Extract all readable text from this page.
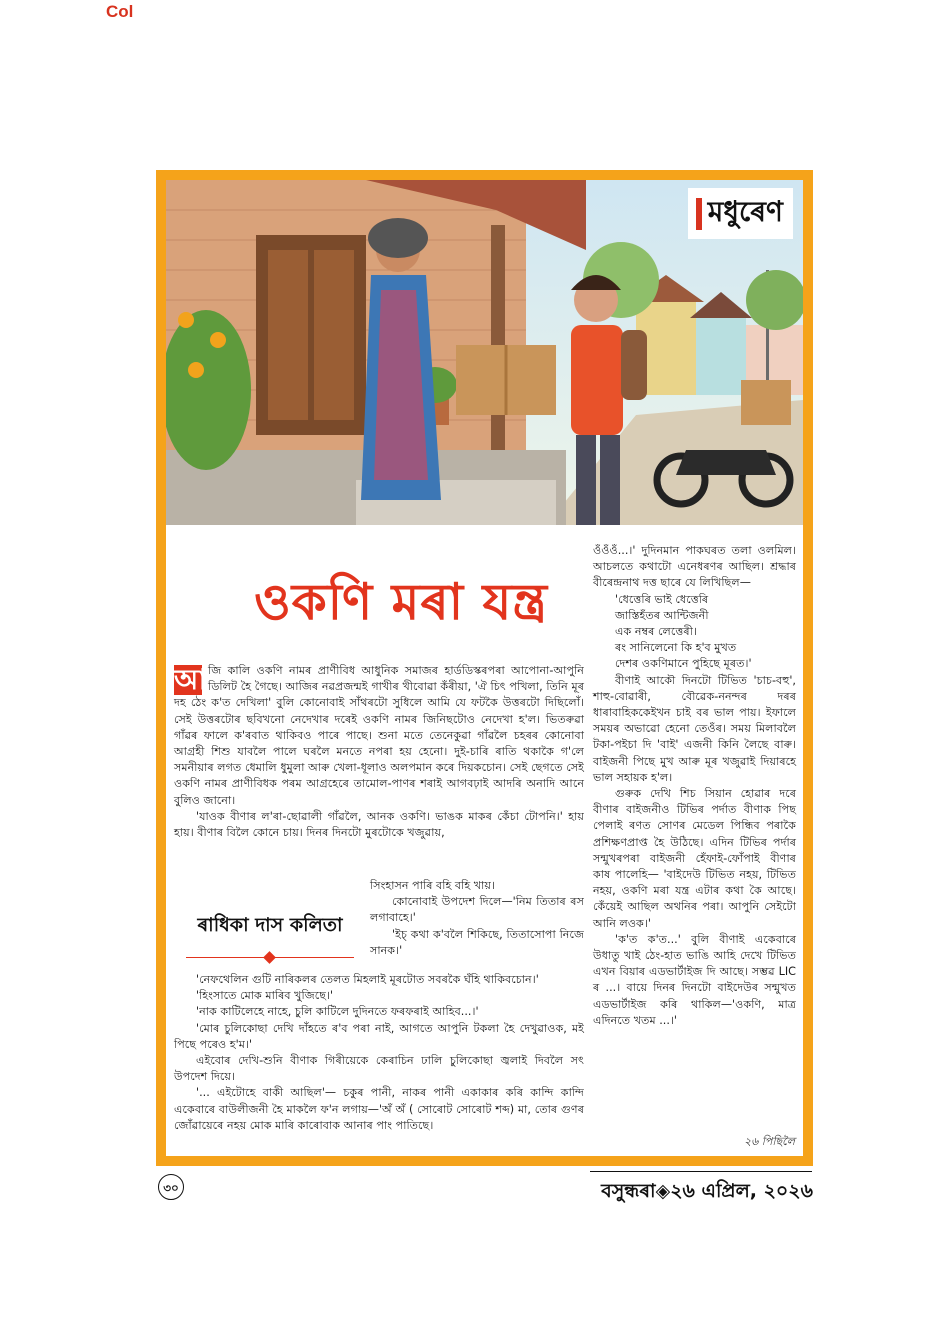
Col
মধুৰেণ
ওকণি মৰা যন্ত্ৰ
আ জি কালি ওকণি নামৰ প্ৰাণীবিধ আধুনিক সমাজৰ হাৰ্ডডিস্কৰপৰা আপোনা-আপুনি ডিলিট হৈ গৈছে। আজিৰ নৱপ্ৰজন্মই গাখীৰ খীবোৱা কঁৰীয়া, 'ঐ চিৎ পখিলা, তিনি মূৰ দহ ঠেং ক'ত দেখিলা' বুলি কোনোবাই সাঁথৰটো সুধিলে আমি যে ফটকৈ উত্তৰটো দিছিলোঁ। সেই উত্তৰটোৰ ছবিখনো নেদেখাৰ দৰেই ওকণি নামৰ জিনিছটোও নেদেখা হ'ল। ভিতৰুৱা গাঁৱৰ ফালে ক'ৰবাত থাকিবও পাৰে পাছে। শুনা মতে তেনেকুৱা গাঁৱলৈ চহৰৰ কোনোবা আগ্ৰহী শিশু যাবলৈ পালে ঘৰলৈ মনতে নপৰা হয় হেনো। দুই-চাৰি ৰাতি থকাকৈ গ'লে সমনীয়াৰ লগত ধেমালি ধুমুলা আৰু খেলা-ধূলাও অলপমান কৰে দিয়কচোন। সেই ছেগতে সেই ওকণি নামৰ প্ৰাণীবিধক পৰম আগ্ৰহেৰে তামোল-পাণৰ শৰাই আগবঢ়াই আদৰি অনাদি আনে বুলিও জানো।

'যাওক বীণাৰ ল'ৰা-ছোৱালী গাঁৱলৈ, আনক ওকণি। ভাঙক মাকৰ কেঁচা টোপনি।' হায় হায়। বীণাৰ বিলৈ কোনে চায়। দিনৰ দিনটো মুৰটোকে খজুৱায়,

সিংহাসন পাৰি বহি বহি খায়।

কোনোবাই উপদেশ দিলে—'নিম তিতাৰ ৰস লগাবাহে।'

'ইচ্ কথা ক'বলৈ শিকিছে, তিতাসোপা নিজে সানক।'

ৰাধিকা দাস কলিতা

'নেফথেলিন গুটি নাৰিকলৰ তেলত মিহলাই মূৰটোত সবৰকৈ ঘঁহি থাকিবচোন।'

'হিংসাতে মোক মাৰিব খুজিছে।'

'নাক কাটিলেহে নাহে, চুলি কাটিলে দুদিনতে ফৰফৰাই আহিব...।'

'মোৰ চুলিকোছা দেখি দাঁহতে ৰ'ব পৰা নাই, আগতে আপুনি টকলা হৈ দেখুৱাওক, মই পিছে পৰেও হ'ম।'

এইবোৰ দেখি-শুনি বীণাক গিৰীয়েকে কেৰাচিন ঢালি চুলিকোছা জ্বলাই দিবলৈ সৎ উপদেশ দিয়ে।

'... এইটোহে বাকী আছিল'— চকুৰ পানী, নাকৰ পানী একাকাৰ কৰি কান্দি কান্দি একেবাৰে বাউলীজনী হৈ মাকলৈ ফ'ন লগায়—'অঁ অঁ ( সোৰোট সোৰোট শব্দ) মা, তোৰ গুণৰ জোঁৱায়েৰে নহয় মোক মাৰি কাৰোবাক আনাৰ পাং পাতিছে।

ওঁওঁওঁ...।' দুদিনমান পাকঘৰত তলা ওলমিল। আচলতে কথাটো এনেধৰণৰ আছিল। শ্ৰদ্ধাৰ বীৰেন্দ্ৰনাথ দত্ত ছাৰে যে লিখিছিল—

'ধেত্তেৰি ভাই ধেত্তেৰি

জাস্তিহঁতৰ আন্টিজনী

এক নম্বৰ লেত্তেৰী।

ৰং সানিলেনো কি হ'ব মুখত

দেশৰ ওকণিমানে পুহিছে মূৰত।'

বীণাই আকৌ দিনটো টিভিত 'চাচ-বহু', শাহু-বোৱাৰী, বৌৱেক-ননন্দৰ দৰৰ ধাৰাবাহিককেইখন চাই বৰ ভাল পায়। ইফালে সময়ৰ অভাৱো হেনো তেওঁৰ। সময় মিলাবলৈ টকা-পইচা দি 'বাই' এজনী কিনি লৈছে বাৰু। বাইজনী পিছে মুখ আৰু মূৰ খজুৱাই দিয়াৰহে ভাল সহায়ক হ'ল।

গুৰুক দেখি শিচ সিয়ান হোৱাৰ দৰে বীণাৰ বাইজনীও টিভিৰ পৰ্দাত বীণাক পিছ পেলাই ৰণত সোণৰ মেডেল পিন্ধিব পৰাকৈ প্ৰশিক্ষণপ্ৰাপ্ত হৈ উঠিছে। এদিন টিভিৰ পৰ্দাৰ সন্মুখৰপৰা বাইজনী হেঁফাই-ফোঁপাই বীণাৰ কাষ পালেহি— 'বাইদেউ টিভিত নহয়, টিভিত নহয়, ওকণি মৰা যন্ত্ৰ এটাৰ কথা কৈ আছে। কেঁয়েই আছিল অথনিৰ পৰা। আপুনি সেইটো আনি লওক।'

'ক'ত ক'ত...' বুলি বীণাই একেবাৰে উধাতু খাই ঠেং-হাত ভাঙি আহি দেখে টিভিত এখন বিয়াৰ এডভাৰ্টাইজ দি আছে। সম্ভৱ LIC ৰ ...। বায়ে দিনৰ দিনটো বাইদেউৰ সন্মুখত এডভাৰ্টাইজ কৰি থাকিল—'ওকণি, মাত্ৰ এদিনতে খতম ...।'

২৬ পিছিলৈ
৩০	বসুন্ধৰা◈২৬ এপ্ৰিল, ২০২৬
